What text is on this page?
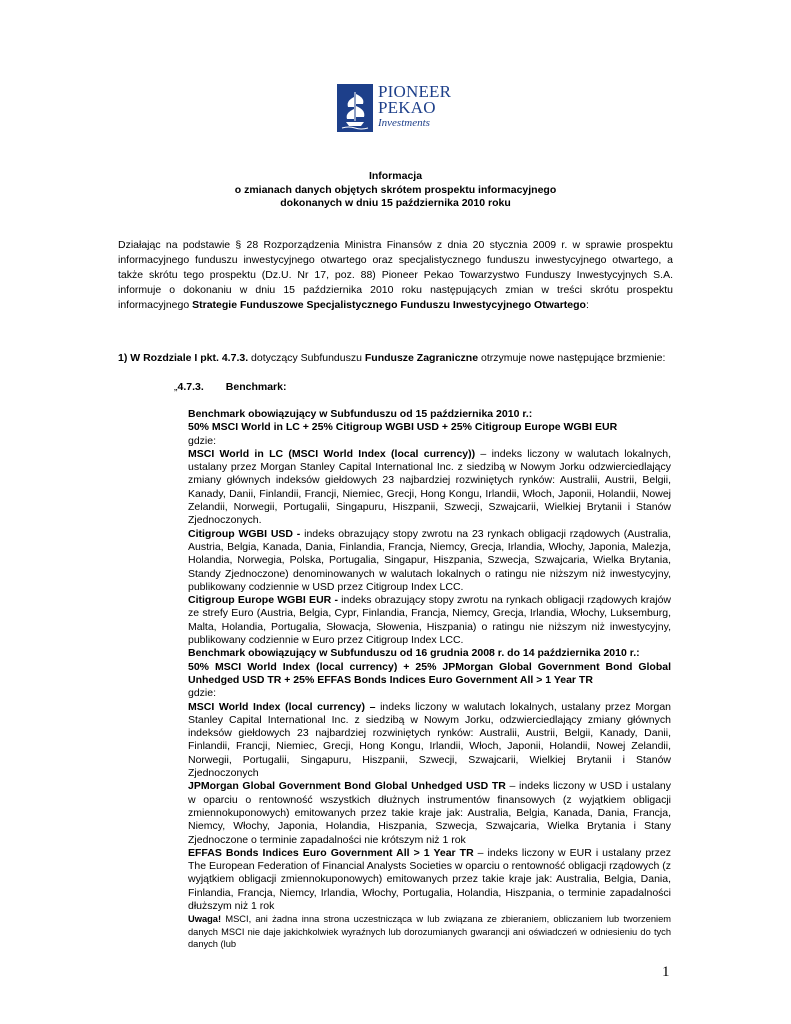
PIONEER
PEKAO
Investments
Informacja
o zmianach danych objętych skrótem prospektu informacyjnego
dokonanych w dniu 15 października 2010 roku
Działając na podstawie § 28 Rozporządzenia Ministra Finansów z dnia 20 stycznia 2009 r. w sprawie prospektu informacyjnego funduszu inwestycyjnego otwartego oraz specjalistycznego funduszu inwestycyjnego otwartego, a także skrótu tego prospektu (Dz.U. Nr 17, poz. 88) Pioneer Pekao Towarzystwo Funduszy Inwestycyjnych S.A. informuje o dokonaniu w dniu 15 października 2010 roku następujących zmian w treści skrótu prospektu informacyjnego Strategie Funduszowe Specjalistycznego Funduszu Inwestycyjnego Otwartego:
1) W Rozdziale I pkt. 4.7.3. dotyczący Subfunduszu Fundusze Zagraniczne otrzymuje nowe następujące brzmienie:
„4.7.3. Benchmark:

Benchmark obowiązujący w Subfunduszu od 15 października 2010 r.:

50% MSCI World in LC + 25% Citigroup WGBI USD + 25% Citigroup Europe WGBI EUR

gdzie:

MSCI World in LC (MSCI World Index (local currency)) – indeks liczony w walutach lokalnych, ustalany przez Morgan Stanley Capital International Inc. z siedzibą w Nowym Jorku odzwierciedlający zmiany głównych indeksów giełdowych 23 najbardziej rozwiniętych rynków: Australii, Austrii, Belgii, Kanady, Danii, Finlandii, Francji, Niemiec, Grecji, Hong Kongu, Irlandii, Włoch, Japonii, Holandii, Nowej Zelandii, Norwegii, Portugalii, Singapuru, Hiszpanii, Szwecji, Szwajcarii, Wielkiej Brytanii i Stanów Zjednoczonych.

Citigroup WGBI USD - indeks obrazujący stopy zwrotu na 23 rynkach obligacji rządowych (Australia, Austria, Belgia, Kanada, Dania, Finlandia, Francja, Niemcy, Grecja, Irlandia, Włochy, Japonia, Malezja, Holandia, Norwegia, Polska, Portugalia, Singapur, Hiszpania, Szwecja, Szwajcaria, Wielka Brytania, Standy Zjednoczone) denominowanych w walutach lokalnych o ratingu nie niższym niż inwestycyjny, publikowany codziennie w USD przez Citigroup Index LCC.

Citigroup Europe WGBI EUR - indeks obrazujący stopy zwrotu na rynkach obligacji rządowych krajów ze strefy Euro (Austria, Belgia, Cypr, Finlandia, Francja, Niemcy, Grecja, Irlandia, Włochy, Luksemburg, Malta, Holandia, Portugalia, Słowacja, Słowenia, Hiszpania) o ratingu nie niższym niż inwestycyjny, publikowany codziennie w Euro przez Citigroup Index LCC.

Benchmark obowiązujący w Subfunduszu od 16 grudnia 2008 r. do 14 października 2010 r.:

50% MSCI World Index (local currency) + 25% JPMorgan Global Government Bond Global Unhedged USD TR + 25% EFFAS Bonds Indices Euro Government All > 1 Year TR

gdzie:

MSCI World Index (local currency) – indeks liczony w walutach lokalnych, ustalany przez Morgan Stanley Capital International Inc. z siedzibą w Nowym Jorku, odzwierciedlający zmiany głównych indeksów giełdowych 23 najbardziej rozwiniętych rynków: Australii, Austrii, Belgii, Kanady, Danii, Finlandii, Francji, Niemiec, Grecji, Hong Kongu, Irlandii, Włoch, Japonii, Holandii, Nowej Zelandii, Norwegii, Portugalii, Singapuru, Hiszpanii, Szwecji, Szwajcarii, Wielkiej Brytanii i Stanów Zjednoczonych

JPMorgan Global Government Bond Global Unhedged USD TR – indeks liczony w USD i ustalany w oparciu o rentowność wszystkich dłużnych instrumentów finansowych (z wyjątkiem obligacji zmiennokuponowych) emitowanych przez takie kraje jak: Australia, Belgia, Kanada, Dania, Francja, Niemcy, Włochy, Japonia, Holandia, Hiszpania, Szwecja, Szwajcaria, Wielka Brytania i Stany Zjednoczone o terminie zapadalności nie krótszym niż 1 rok

EFFAS Bonds Indices Euro Government All > 1 Year TR – indeks liczony w EUR i ustalany przez The European Federation of Financial Analysts Societies w oparciu o rentowność obligacji rządowych (z wyjątkiem obligacji zmiennokuponowych) emitowanych przez takie kraje jak: Australia, Belgia, Dania, Finlandia, Francja, Niemcy, Irlandia, Włochy, Portugalia, Holandia, Hiszpania, o terminie zapadalności dłuższym niż 1 rok

Uwaga! MSCI, ani żadna inna strona uczestnicząca w lub związana ze zbieraniem, obliczaniem lub tworzeniem danych MSCI nie daje jakichkolwiek wyraźnych lub dorozumianych gwarancji ani oświadczeń w odniesieniu do tych danych (lub

1
